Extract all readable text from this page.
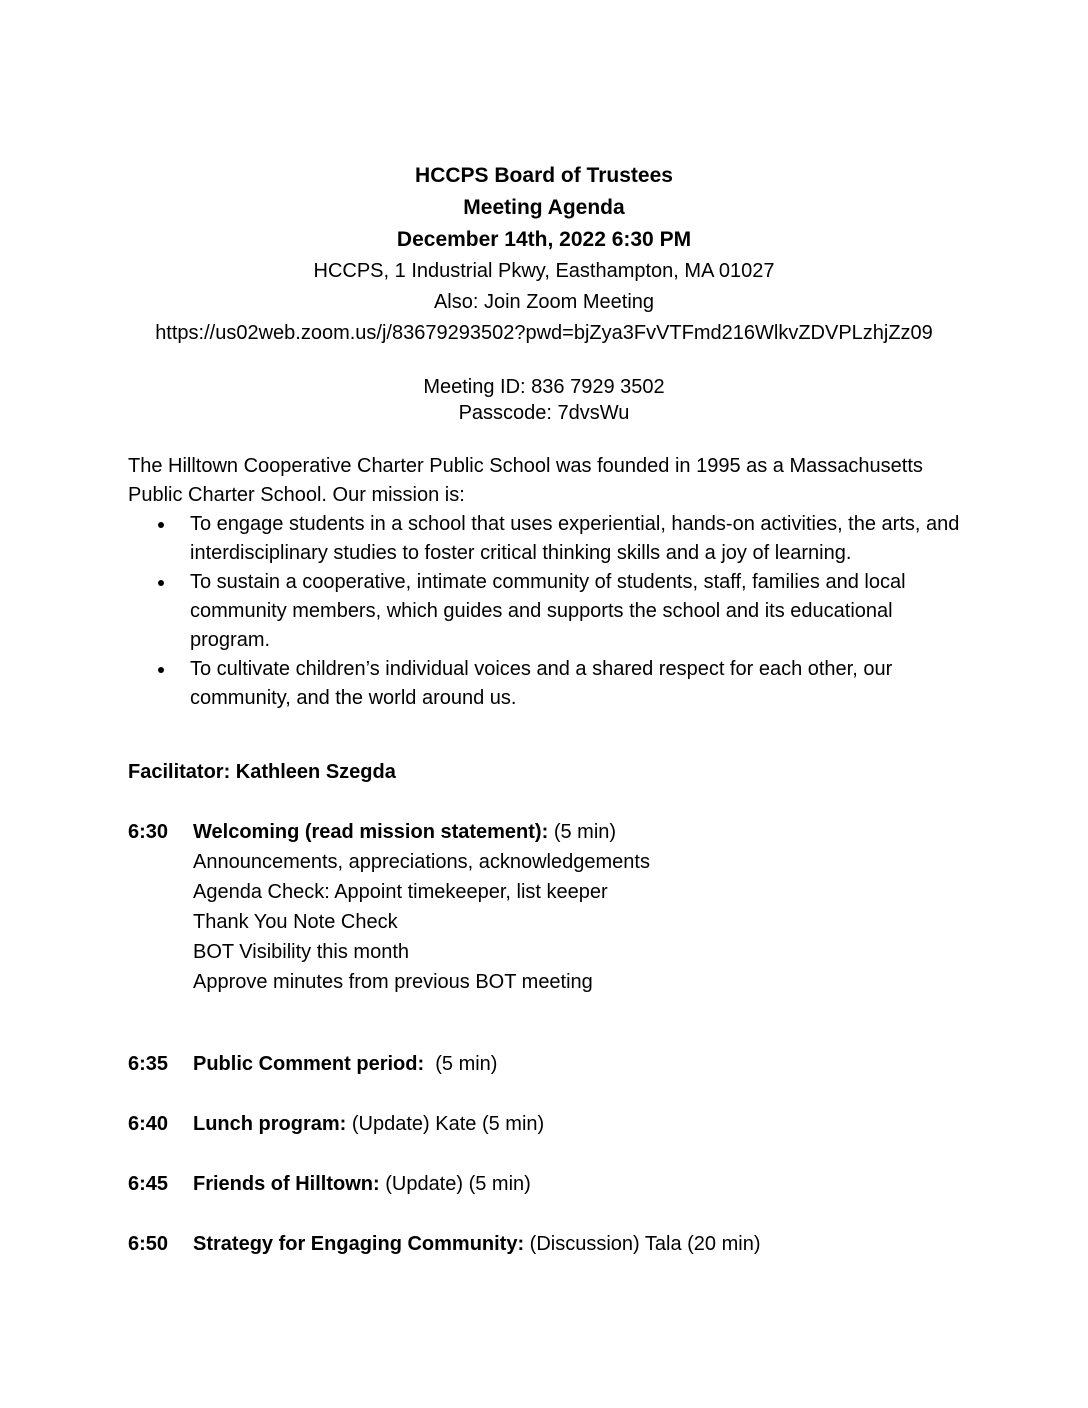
HCCPS Board of Trustees
Meeting Agenda
December 14th, 2022 6:30 PM
HCCPS, 1 Industrial Pkwy, Easthampton, MA 01027
Also: Join Zoom Meeting
https://us02web.zoom.us/j/83679293502?pwd=bjZya3FvVTFmd216WlkvZDVPLzhjZz09
Meeting ID: 836 7929 3502
Passcode: 7dvsWu

The Hilltown Cooperative Charter Public School was founded in 1995 as a Massachusetts Public Charter School. Our mission is:

• To engage students in a school that uses experiential, hands-on activities, the arts, and interdisciplinary studies to foster critical thinking skills and a joy of learning.
• To sustain a cooperative, intimate community of students, staff, families and local community members, which guides and supports the school and its educational program.
• To cultivate children’s individual voices and a shared respect for each other, our community, and the world around us.
Facilitator: Kathleen Szegda
6:30	Welcoming (read mission statement): (5 min)
Announcements, appreciations, acknowledgements
Agenda Check: Appoint timekeeper, list keeper
Thank You Note Check
BOT Visibility this month
Approve minutes from previous BOT meeting
6:35	Public Comment period:  (5 min)
6:40	Lunch program: (Update) Kate (5 min)
6:45	Friends of Hilltown: (Update) (5 min)
6:50	Strategy for Engaging Community: (Discussion) Tala (20 min)
